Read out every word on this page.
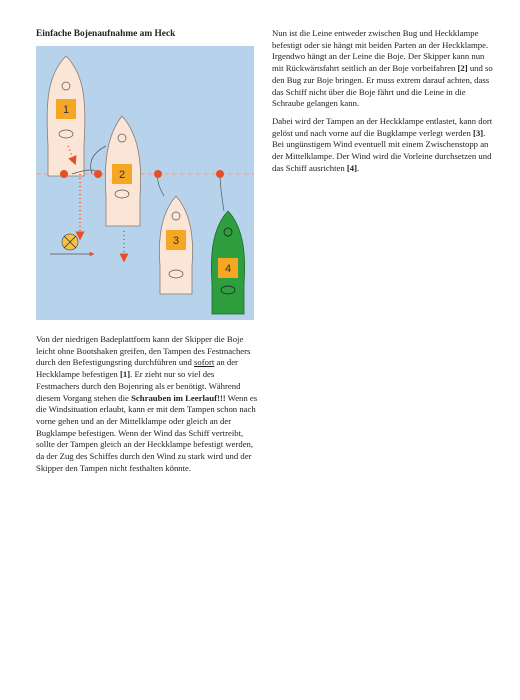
Einfache Bojenaufnahme am Heck
1
2
3
4

Von der niedrigen Badeplattform kann der Skipper die Boje leicht ohne Bootshaken greifen, den Tampen des Festmachers durch den Befestigungsring durchführen und sofort an der Heckklampe befestigen [1]. Er zieht nur so viel des Festmachers durch den Bojenring als er benötigt. Während diesem Vorgang stehen die Schrauben im Leerlauf!!! Wenn es die Windsituation erlaubt, kann er mit dem Tampen schon nach vorne gehen und an der Mittelklampe oder gleich an der Bugklampe befestigen. Wenn der Wind das Schiff vertreibt, sollte der Tampen gleich an der Heckklampe befestigt werden, da der Zug des Schiffes durch den Wind zu stark wird und der Skipper den Tampen nicht festhalten könnte.

Nun ist die Leine entweder zwischen Bug und Heckklampe befestigt oder sie hängt mit beiden Parten an der Heckklampe. Irgendwo hängt an der Leine die Boje. Der Skipper kann nun mit Rückwärtsfahrt seitlich an der Boje vorbeifahren [2] und so den Bug zur Boje bringen. Er muss extrem darauf achten, dass das Schiff nicht über die Boje fährt und die Leine in die Schraube gelangen kann.

Dabei wird der Tampen an der Heckklampe entlastet, kann dort gelöst und nach vorne auf die Bugklampe verlegt werden [3]. Bei ungünstigem Wind eventuell mit einem Zwischenstopp an der Mittelklampe. Der Wind wird die Vorleine durchsetzen und das Schiff ausrichten [4].
